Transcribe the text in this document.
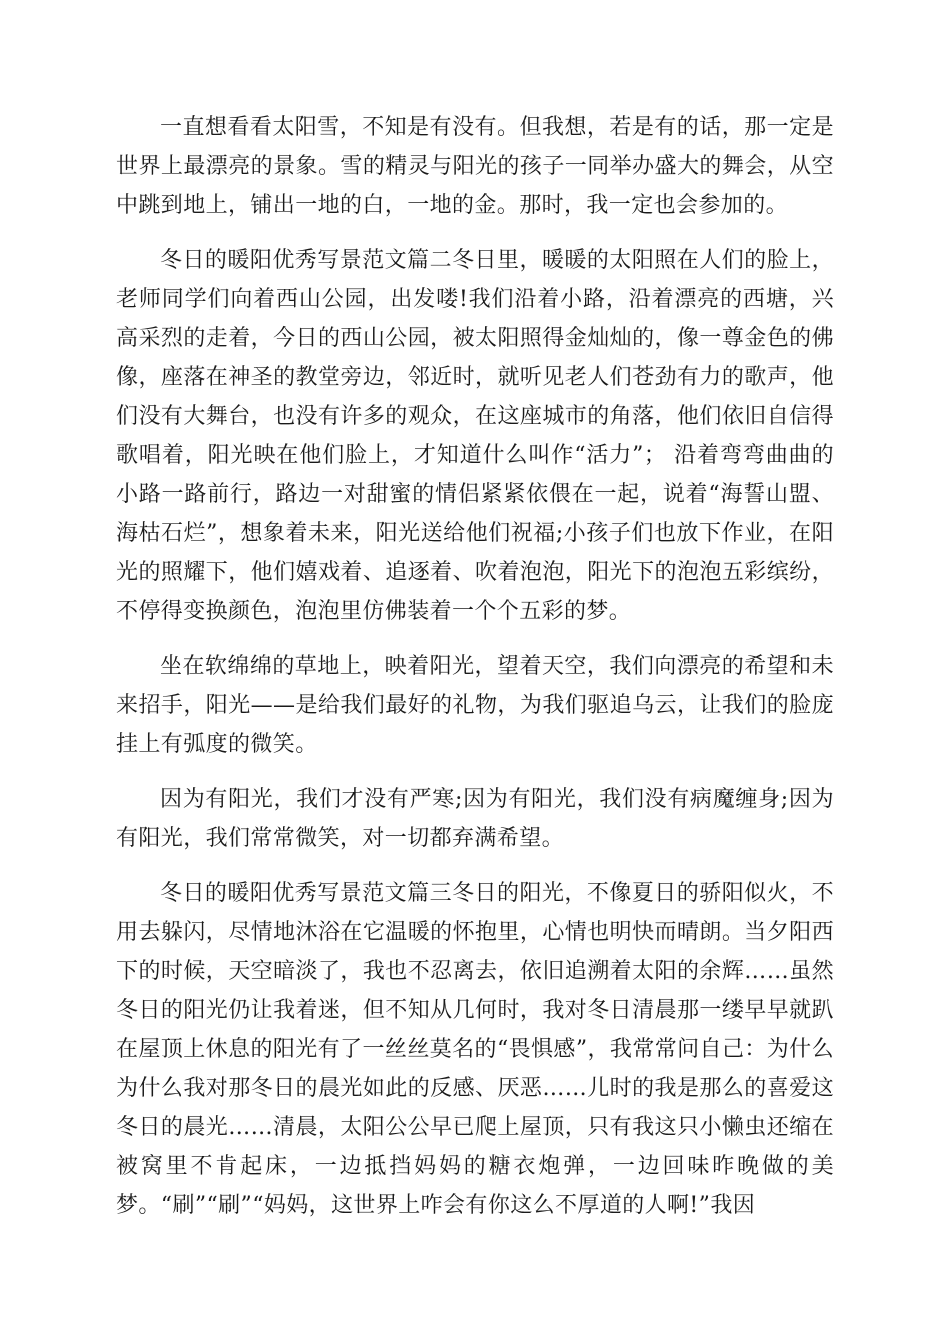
一直想看看太阳雪，不知是有没有。但我想，若是有的话，那一定是世界上最漂亮的景象。雪的精灵与阳光的孩子一同举办盛大的舞会，从空中跳到地上，铺出一地的白，一地的金。那时，我一定也会参加的。

冬日的暖阳优秀写景范文篇二冬日里，暖暖的太阳照在人们的脸上，老师同学们向着西山公园，出发喽!我们沿着小路，沿着漂亮的西塘，兴高采烈的走着，今日的西山公园，被太阳照得金灿灿的，像一尊金色的佛像，座落在神圣的教堂旁边，邻近时，就听见老人们苍劲有力的歌声，他们没有大舞台，也没有许多的观众，在这座城市的角落，他们依旧自信得歌唱着，阳光映在他们脸上，才知道什么叫作“活力”； 沿着弯弯曲曲的小路一路前行，路边一对甜蜜的情侣紧紧依偎在一起，说着“海誓山盟、海枯石烂”，想象着未来，阳光送给他们祝福;小孩子们也放下作业，在阳光的照耀下，他们嬉戏着、追逐着、吹着泡泡，阳光下的泡泡五彩缤纷，不停得变换颜色，泡泡里仿佛装着一个个五彩的梦。

坐在软绵绵的草地上，映着阳光，望着天空，我们向漂亮的希望和未来招手，阳光——是给我们最好的礼物，为我们驱追乌云，让我们的脸庞挂上有弧度的微笑。

因为有阳光，我们才没有严寒;因为有阳光，我们没有病魔缠身;因为有阳光，我们常常微笑，对一切都弃满希望。

冬日的暖阳优秀写景范文篇三冬日的阳光，不像夏日的骄阳似火，不用去躲闪，尽情地沐浴在它温暖的怀抱里，心情也明快而晴朗。当夕阳西下的时候，天空暗淡了，我也不忍离去，依旧追溯着太阳的余辉……虽然冬日的阳光仍让我着迷，但不知从几何时，我对冬日清晨那一缕早早就趴在屋顶上休息的阳光有了一丝丝莫名的“畏惧感”，我常常问自己：为什么为什么我对那冬日的晨光如此的反感、厌恶……儿时的我是那么的喜爱这冬日的晨光……清晨，太阳公公早已爬上屋顶，只有我这只小懒虫还缩在被窝里不肯起床，一边抵挡妈妈的糖衣炮弹，一边回味昨晚做的美梦。“刷”“刷”“妈妈，这世界上咋会有你这么不厚道的人啊!”我因
